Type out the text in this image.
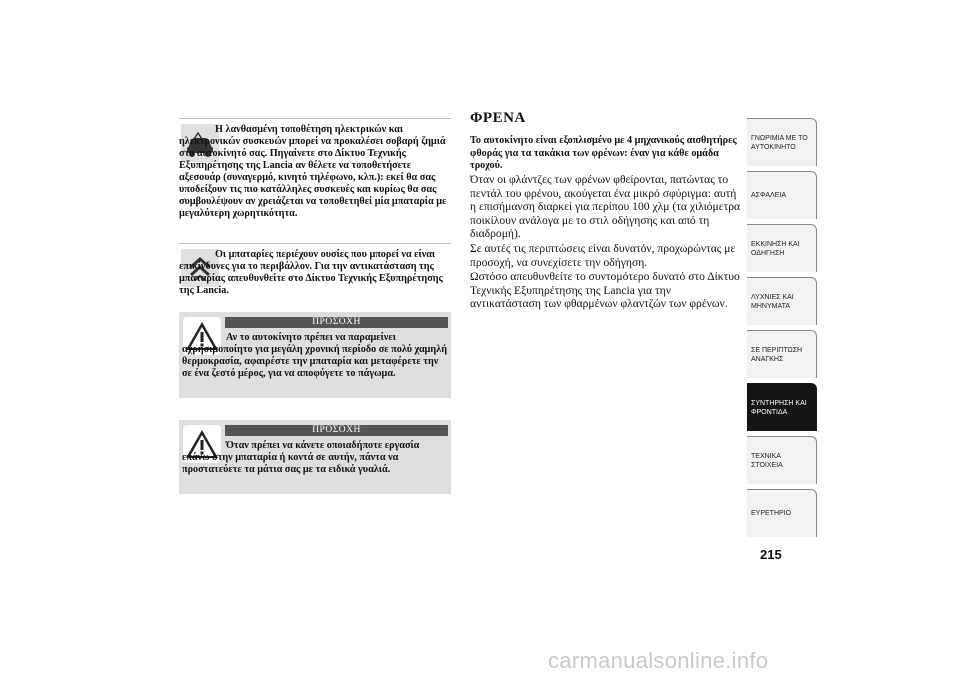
Η λανθασμένη τοποθέτηση ηλεκτρικών και ηλεκτρονικών συσκευών μπορεί να προκαλέσει σοβαρή ζημιά στο αυτοκίνητό σας. Πηγαίνετε στο Δίκτυο Τεχνικής Εξυπηρέτησης της Lancia αν θέλετε να τοποθετήσετε αξεσουάρ (συναγερμό, κινητό τηλέφωνο, κλπ.): εκεί θα σας υποδείξουν τις πιο κατάλληλες συσκευές και κυρίως θα σας συμβουλέψουν αν χρειάζεται να τοποθετηθεί μία μπαταρία με μεγαλύτερη χωρητικότητα.

Οι μπαταρίες περιέχουν ουσίες που μπορεί να είναι επικίνδυνες για το περιβάλλον. Για την αντικατάσταση της μπαταρίας απευθυνθείτε στο Δίκτυο Τεχνικής Εξυπηρέτησης της Lancia.

ΠΡΟΣΟΧΗ

Αν το αυτοκίνητο πρέπει να παραμείνει αχρησιμοποίητο για μεγάλη χρονική περίοδο σε πολύ χαμηλή θερμοκρασία, αφαιρέστε την μπαταρία και μεταφέρετε την σε ένα ζεστό μέρος, για να αποφύγετε το πάγωμα.

ΠΡΟΣΟΧΗ

Όταν πρέπει να κάνετε οποιαδήποτε εργασία επάνω στην μπαταρία ή κοντά σε αυτήν, πάντα να προστατεύετε τα μάτια σας με τα ειδικά γυαλιά.

ΦΡΕΝΑ

Το αυτοκίνητο είναι εξοπλισμένο με 4 μηχανικούς αισθητήρες φθοράς για τα τακάκια των φρένων: έναν για κάθε ομάδα τροχού.

Όταν οι φλάντζες των φρένων φθείρονται, πατώντας το πεντάλ του φρένου, ακούγεται ένα μικρό σφύριγμα: αυτή η επισήμανση διαρκεί για περίπου 100 χλμ (τα χιλιόμετρα ποικίλουν ανάλογα με το στιλ οδήγησης και από τη διαδρομή).

Σε αυτές τις περιπτώσεις είναι δυνατόν, προχωρώντας με προσοχή, να συνεχίσετε την οδήγηση.

Ωστόσο απευθυνθείτε το συντομότερο δυνατό στο Δίκτυο Τεχνικής Εξυπηρέτησης της Lancia για την αντικατάσταση των φθαρμένων φλαντζών των φρένων.

ΓΝΩΡΙΜΙΑ ΜΕ ΤΟ ΑΥΤΟΚΙΝΗΤΟ
ΑΣΦΑΛΕΙΑ
ΕΚΚΙΝΗΣΗ ΚΑΙ ΟΔΗΓΗΣΗ
ΛΥΧΝΙΕΣ ΚΑΙ ΜΗΝΥΜΑΤΑ
ΣΕ ΠΕΡΙΠΤΩΣΗ ΑΝΑΓΚΗΣ
ΣΥΝΤΗΡΗΣΗ ΚΑΙ ΦΡΟΝΤΙΔΑ
ΤΕΧΝΙΚΑ ΣΤΟΙΧΕΙΑ
ΕΥΡΕΤΗΡΙΟ
215
carmanualsonline.info
